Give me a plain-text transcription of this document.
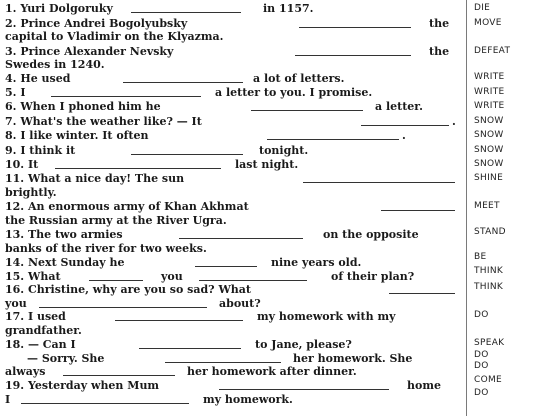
1. Yuri Dolgoruky	in 1157.
2. Prince Andrei Bogolyubsky	the
capital to Vladimir on the Klyazma.
3. Prince Alexander Nevsky	the
Swedes in 1240.
4. He used	a lot of letters.
5. I	a letter to you. I promise.
6. When I phoned him he	a letter.
7. What's the weather like? — It	.
8. I like winter. It often	.
9. I think it	tonight.
10. It	last night.
11. What a nice day! The sun
brightly.
12. An enormous army of Khan Akhmat
the Russian army at the River Ugra.
13. The two armies	on the opposite
banks of the river for two weeks.
14. Next Sunday he	nine years old.
15. What	you	of their plan?
16. Christine, why are you so sad? What
you	about?
17. I used	my homework with my
grandfather.
18. — Can I	to Jane, please?
— Sorry. She	her homework. She
always	her homework after dinner.
19. Yesterday when Mum	home
I	my homework.
DIE
MOVE
DEFEAT
WRITE
WRITE
WRITE
SNOW
SNOW
SNOW
SNOW
SHINE
MEET
STAND
BE
THINK
THINK
DO
SPEAK
DO
DO
COME
DO
